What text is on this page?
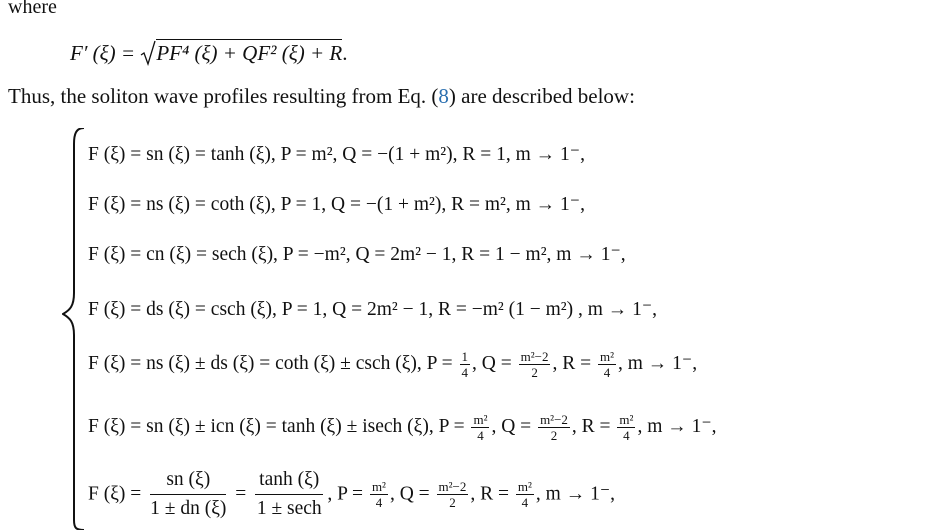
where
F′ (ξ) = PF⁴ (ξ) + QF² (ξ) + R.
Thus, the soliton wave profiles resulting from Eq. (8) are described below:
F (ξ) = sn (ξ) = tanh (ξ), P = m², Q = −(1 + m²), R = 1, m → 1⁻,
F (ξ) = ns (ξ) = coth (ξ), P = 1, Q = −(1 + m²), R = m², m → 1⁻,
F (ξ) = cn (ξ) = sech (ξ), P = −m², Q = 2m² − 1, R = 1 − m², m → 1⁻,
F (ξ) = ds (ξ) = csch (ξ), P = 1, Q = 2m² − 1, R = −m² (1 − m²) , m → 1⁻,
F (ξ) = ns (ξ) ± ds (ξ) = coth (ξ) ± csch (ξ), $P = \frac{1}{4}$ , $Q = \frac{\text{m²−2}}{2}$ , $R = \frac{\text{m²}}{4}$ , m → 1⁻,
F (ξ) = sn (ξ) ± icn (ξ) = tanh (ξ) ± isech (ξ), $P = \frac{\text{m²}}{4}$ , $Q = \frac{\text{m²−2}}{2}$ , $R = \frac{\text{m²}}{4}$ , m → 1⁻,
F $(\xi) = \frac{sn (\xi)}{1 \pm dn (\xi)}$ =
tanh (ξ)
1 ± sech
, $P = \frac{\text{m²}}{4}$ , $Q = \frac{\text{m²−2}}{2}$ , $R = \frac{\text{m²}}{4}$ , m → 1⁻,
